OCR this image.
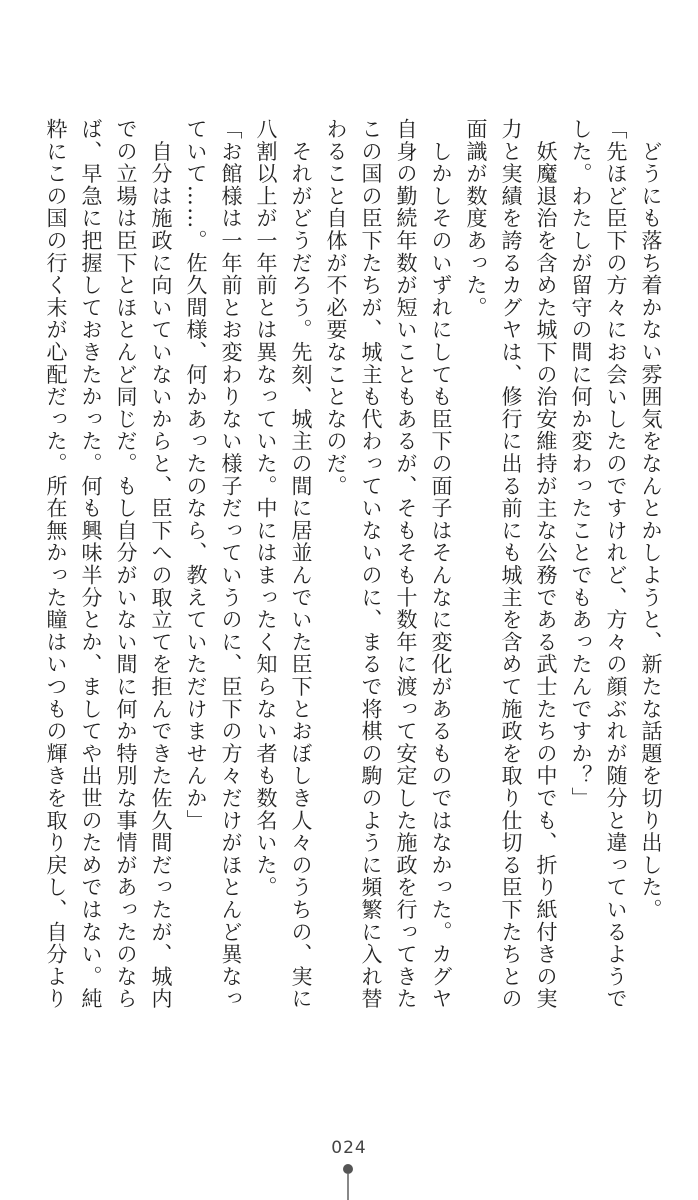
　どうにも落ち着かない雰囲気をなんとかしようと、新たな話題を切り出した。
「先ほど臣下の方々にお会いしたのですけれど、方々の顔ぶれが随分と違っているようで
した。わたしが留守の間に何か変わったことでもあったんですか？」
　妖魔退治を含めた城下の治安維持が主な公務である武士たちの中でも、折り紙付きの実
力と実績を誇るカグヤは、修行に出る前にも城主を含めて施政を取り仕切る臣下たちとの
面識が数度あった。
　しかしそのいずれにしても臣下の面子はそんなに変化があるものではなかった。カグヤ
自身の勤続年数が短いこともあるが、そもそも十数年に渡って安定した施政を行ってきた
この国の臣下たちが、城主も代わっていないのに、まるで将棋の駒のように頻繁に入れ替
わること自体が不必要なことなのだ。
　それがどうだろう。先刻、城主の間に居並んでいた臣下とおぼしき人々のうちの、実に
八割以上が一年前とは異なっていた。中にはまったく知らない者も数名いた。
「お館様は一年前とお変わりない様子だっていうのに、臣下の方々だけがほとんど異なっ
ていて……。佐久間様、何かあったのなら、教えていただけませんか」
　自分は施政に向いていないからと、臣下への取立てを拒んできた佐久間だったが、城内
での立場は臣下とほとんど同じだ。もし自分がいない間に何か特別な事情があったのなら
ば、早急に把握しておきたかった。何も興味半分とか、ましてや出世のためではない。純
粋にこの国の行く末が心配だった。所在無かった瞳はいつもの輝きを取り戻し、自分より
024
